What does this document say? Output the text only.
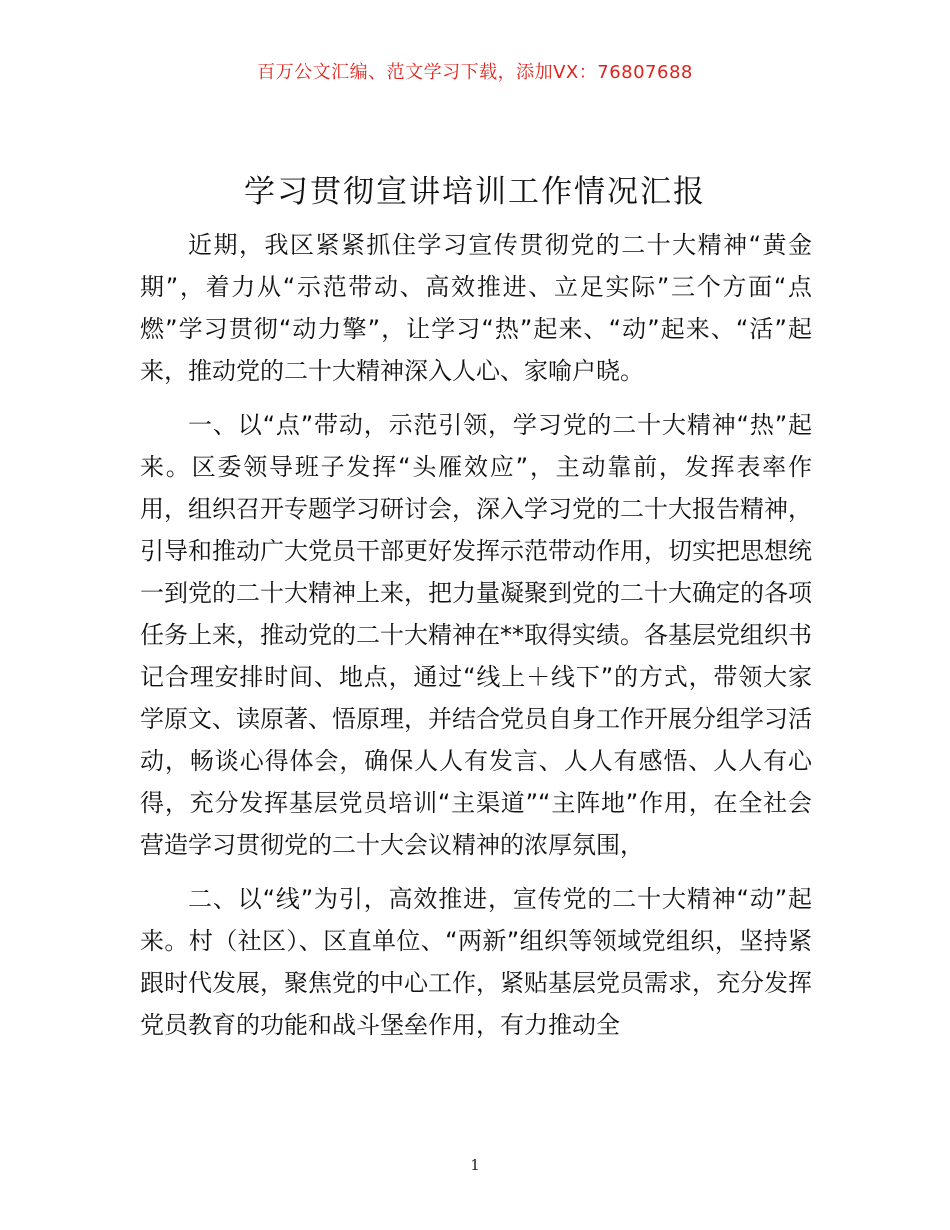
百万公文汇编、范文学习下载，添加VX：76807688
学习贯彻宣讲培训工作情况汇报

近期，我区紧紧抓住学习宣传贯彻党的二十大精神“黄金期”，着力从“示范带动、高效推进、立足实际”三个方面“点燃”学习贯彻“动力擎”，让学习“热”起来、“动”起来、“活”起来，推动党的二十大精神深入人心、家喻户晓。

一、以“点”带动，示范引领，学习党的二十大精神“热”起来。区委领导班子发挥“头雁效应”，主动靠前，发挥表率作用，组织召开专题学习研讨会，深入学习党的二十大报告精神，引导和推动广大党员干部更好发挥示范带动作用，切实把思想统一到党的二十大精神上来，把力量凝聚到党的二十大确定的各项任务上来，推动党的二十大精神在**取得实绩。各基层党组织书记合理安排时间、地点，通过“线上＋线下”的方式，带领大家学原文、读原著、悟原理，并结合党员自身工作开展分组学习活动，畅谈心得体会，确保人人有发言、人人有感悟、人人有心得，充分发挥基层党员培训“主渠道”“主阵地”作用，在全社会营造学习贯彻党的二十大会议精神的浓厚氛围，

二、以“线”为引，高效推进，宣传党的二十大精神“动”起来。村（社区）、区直单位、“两新”组织等领域党组织，坚持紧跟时代发展，聚焦党的中心工作，紧贴基层党员需求，充分发挥党员教育的功能和战斗堡垒作用，有力推动全

1
